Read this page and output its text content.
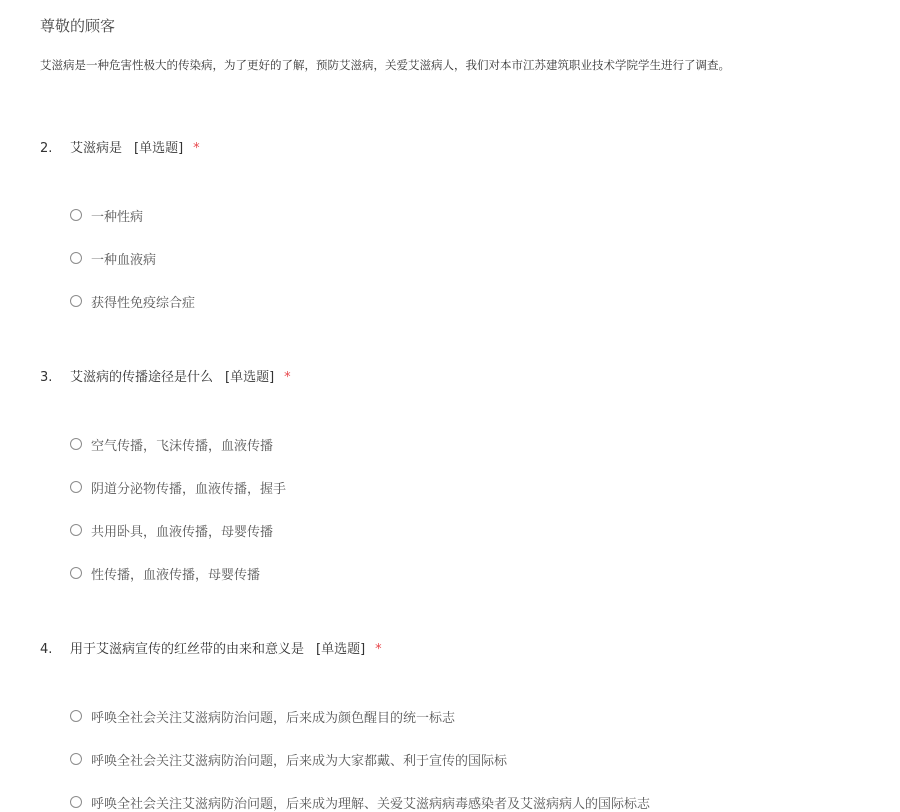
尊敬的顾客
艾滋病是一种危害性极大的传染病，为了更好的了解，预防艾滋病，关爱艾滋病人，我们对本市江苏建筑职业技术学院学生进行了调查。
2. 艾滋病是 [单选题] *
一种性病
一种血液病
获得性免疫综合症
3. 艾滋病的传播途径是什么 [单选题] *
空气传播，飞沫传播，血液传播
阴道分泌物传播，血液传播，握手
共用卧具，血液传播，母婴传播
性传播，血液传播，母婴传播
4. 用于艾滋病宣传的红丝带的由来和意义是 [单选题] *
呼唤全社会关注艾滋病防治问题，后来成为颜色醒目的统一标志
呼唤全社会关注艾滋病防治问题，后来成为大家都戴、利于宣传的国际标
呼唤全社会关注艾滋病防治问题，后来成为理解、关爱艾滋病病毒感染者及艾滋病病人的国际标志
